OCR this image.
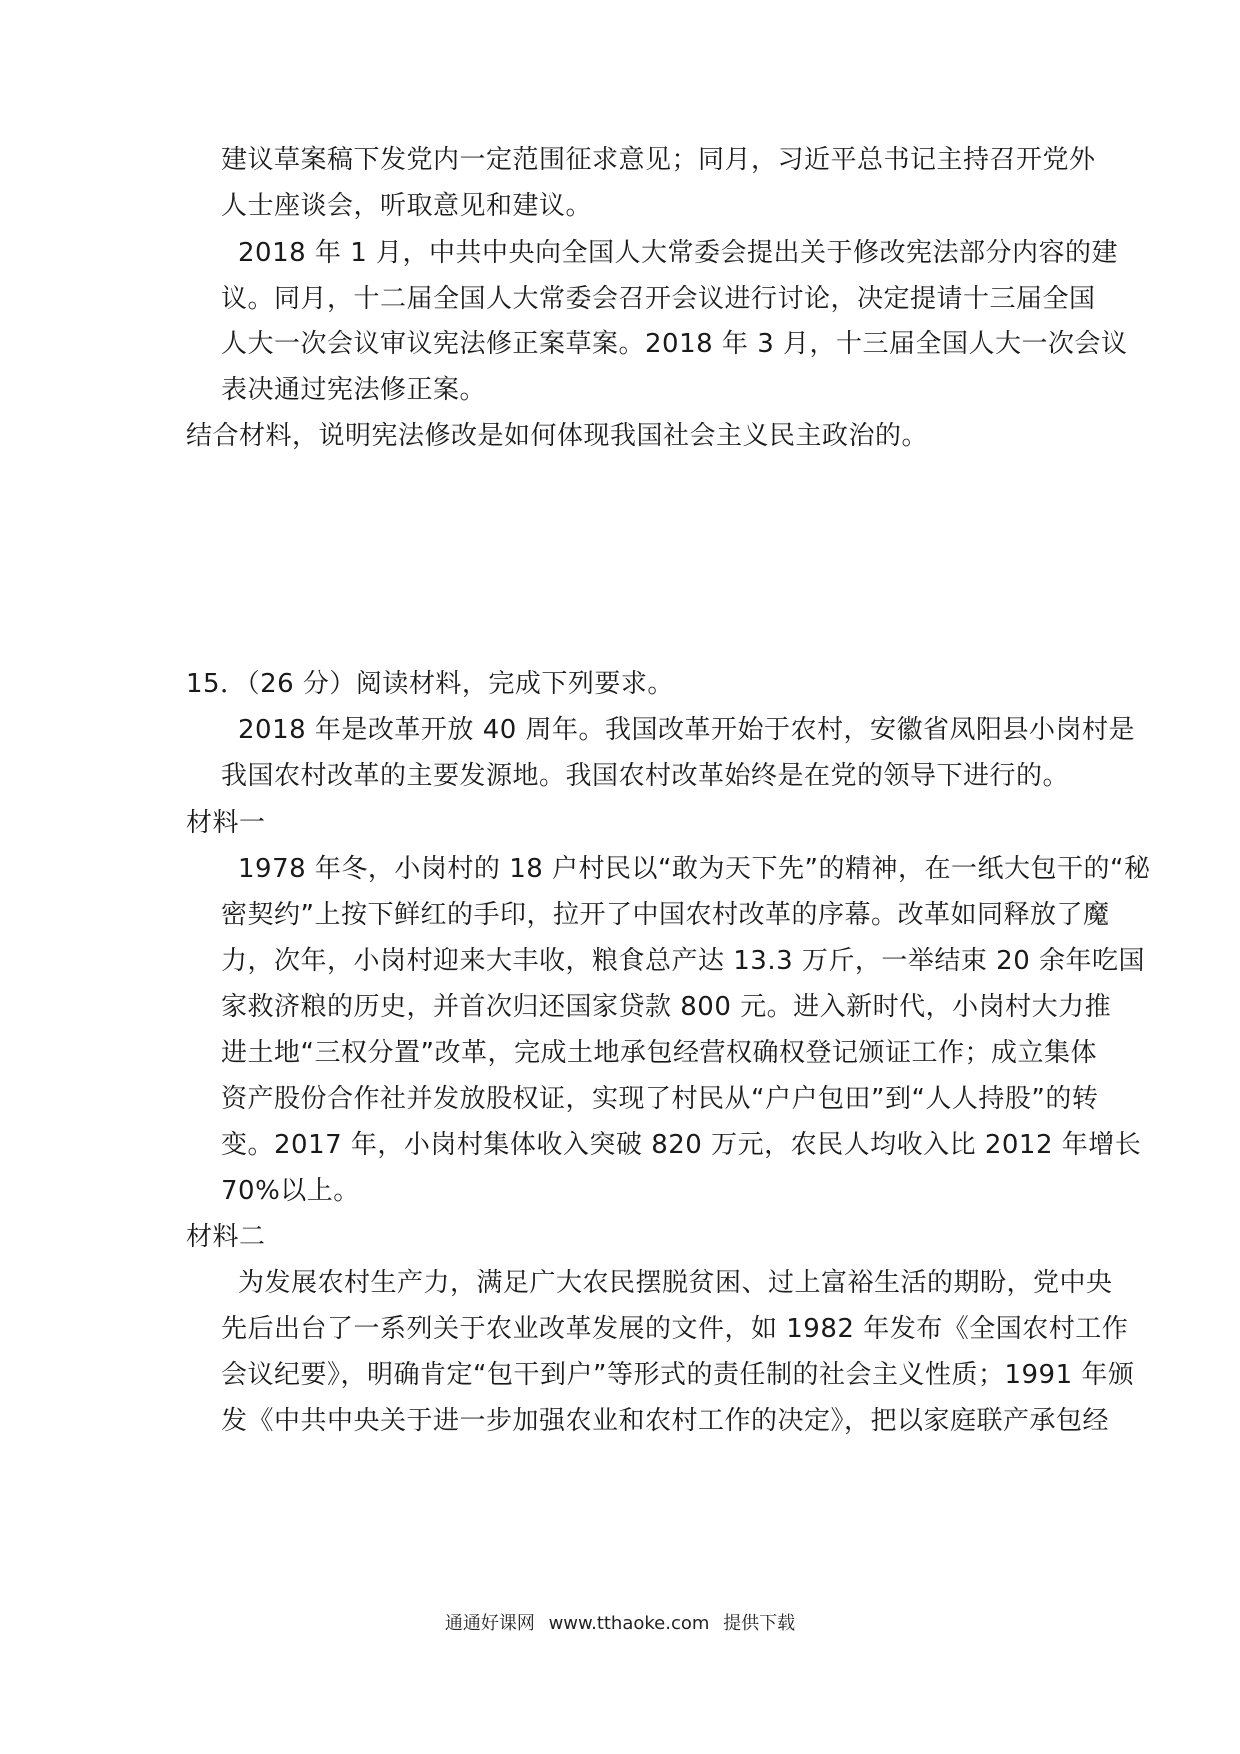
建议草案稿下发党内一定范围征求意见；同月，习近平总书记主持召开党外
人士座谈会，听取意见和建议。
2018 年 1 月，中共中央向全国人大常委会提出关于修改宪法部分内容的建
议。同月，十二届全国人大常委会召开会议进行讨论，决定提请十三届全国
人大一次会议审议宪法修正案草案。2018 年 3 月，十三届全国人大一次会议
表决通过宪法修正案。
结合材料，说明宪法修改是如何体现我国社会主义民主政治的。
15．（26 分）阅读材料，完成下列要求。
2018 年是改革开放 40 周年。我国改革开始于农村，安徽省凤阳县小岗村是
我国农村改革的主要发源地。我国农村改革始终是在党的领导下进行的。
材料一
1978 年冬，小岗村的 18 户村民以“敢为天下先”的精神，在一纸大包干的“秘
密契约”上按下鲜红的手印，拉开了中国农村改革的序幕。改革如同释放了魔
力，次年，小岗村迎来大丰收，粮食总产达 13.3 万斤，一举结束 20 余年吃国
家救济粮的历史，并首次归还国家贷款 800 元。进入新时代，小岗村大力推
进土地“三权分置”改革，完成土地承包经营权确权登记颁证工作；成立集体
资产股份合作社并发放股权证，实现了村民从“户户包田”到“人人持股”的转
变。2017 年，小岗村集体收入突破 820 万元，农民人均收入比 2012 年增长
70%以上。
材料二
为发展农村生产力，满足广大农民摆脱贫困、过上富裕生活的期盼，党中央
先后出台了一系列关于农业改革发展的文件，如 1982 年发布《全国农村工作
会议纪要》，明确肯定“包干到户”等形式的责任制的社会主义性质；1991 年颁
发《中共中央关于进一步加强农业和农村工作的决定》，把以家庭联产承包经
通通好课网 www.tthaoke.com 提供下载
